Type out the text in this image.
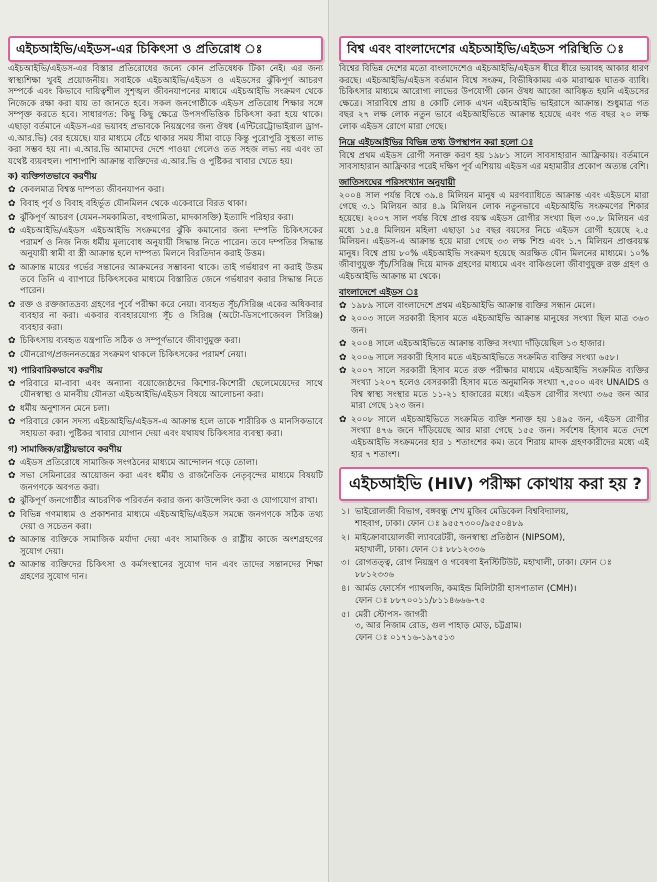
এইচআইভি/এইডস-এর চিকিৎসা ও প্রতিরোধ ঃ

এইচআইভি/এইডস-এর বিস্তার প্রতিরোধের জন্যে কোন প্রতিষেধক টিকা নেই। এর জন্য স্বাস্থ্যশিক্ষা খুবই প্রয়োজনীয়। সবাইকে এইচআইভি/এইডস ও এইডসের ঝুঁকিপূর্ণ আচরণ সম্পর্কে এবং কিভাবে দায়িত্বশীল সুশৃঙ্খল জীবনযাপনের মাধ্যমে এইচআইভি সংক্রমণ থেকে নিজেকে রক্ষা করা যায় তা জানতে হবে। সকল জনগোষ্ঠীকে এইডস প্রতিরোধ শিক্ষার সঙ্গে সম্পৃক্ত করতে হবে। সাধারণত: কিছু কিছু ক্ষেত্রে উপসর্গভিত্তিক চিকিৎসা করা হয়ে থাকে। এছাড়া বর্তমানে এইডস-এর ভয়াবহ প্রভাবকে নিয়ন্ত্রণের জন্য ঔষধ (এন্টিরেট্রোভাইরাল ড্রাগ-এ.আর.ভি) বের হয়েছে। যার মাধ্যমে বেঁচে থাকার সময় সীমা বাড়ে কিন্তু পুরোপুরি সুস্থতা লাভ করা সম্ভব হয় না। এ.আর.ভি আমাদের দেশে পাওয়া গেলেও তত সহজ লভ্য নয় এবং তা যথেষ্ট ব্যয়বহুল। পাশাপাশি আক্রান্ত ব্যক্তিদের এ.আর.ভি ও পুষ্টিকর খাবার খেতে হয়।

ক) ব্যক্তিগতভাবে করণীয়
✿ কেবলমাত্র বিশ্বস্ত দাম্পত্য জীবনযাপন করা।
✿ বিবাহ পূর্ব ও বিবাহ বহির্ভূত যৌনমিলন থেকে একেবারে বিরত থাকা।
✿ ঝুঁকিপূর্ণ আচরণ (যেমন-সমকামিতা, বহুগামিতা, মাদকাসক্তি) ইত্যাদি পরিহার করা।
✿ এইচআইভি/এইডস এইচআইভি সংক্রমণের ঝুঁকি কমানোর জন্য দম্পতি চিকিৎসকের পরামর্শ ও নিজ নিজ ধর্মীয় মূল্যবোধ অনুযায়ী সিদ্ধান্ত নিতে পারেন। তবে দম্পতির সিদ্ধান্ত অনুযায়ী স্বামী বা স্ত্রী আক্রান্ত হলে দাম্পত্য মিলনে বিরতিদান করাই উত্তম।
✿ আক্রান্ত মায়ের গর্ভের সন্তানের আক্রমনের সম্ভাবনা থাকে। তাই গর্ভধারণ না করাই উত্তম তবে তিনি এ ব্যাপারে চিকিৎসকের মাধ্যমে বিস্তারিত জেনে গর্ভধারণ করার সিদ্ধান্ত নিতে পারেন।
✿ রক্ত ও রক্তজাতদ্রব্য গ্রহণের পূর্বে পরীক্ষা করে নেয়া। ব্যবহৃত সূঁচ/সিরিঞ্জ একের অধিকবার ব্যবহার না করা। একবার ব্যবহারযোগ্য সূঁচ ও সিরিঞ্জ (অটো-ডিসপোজেবল সিরিঞ্জ) ব্যবহার করা।
✿ চিকিৎসায় ব্যবহৃত যন্ত্রপাতি সঠিক ও সম্পূর্ণভাবে জীবাণুমুক্ত করা।
✿ যৌনরোগ/প্রজননতন্ত্রের সংক্রমণ থাকলে চিকিৎসকের পরামর্শ নেয়া।
খ) পারিবারিকভাবে করণীয়
✿ পরিবারে মা-বাবা এবং অন্যান্য বয়োজ্যেষ্ঠদের কিশোর-কিশোরী ছেলেমেয়েদের সাথে যৌনস্বাস্থ্য ও মানবীয় যৌনতা এইচআইভি/এইডস বিষয়ে আলোচনা করা।
✿ ধর্মীয় অনুশাসন মেনে চলা।
✿ পরিবারে কোন সদস্য এইচআইভি/এইডস-এ আক্রান্ত হলে তাকে শারীরিক ও মানসিকভাবে সহায়তা করা। পুষ্টিকর খাবার যোগান দেয়া এবং যথাযথ চিকিৎসার ব্যবস্থা করা।
গ) সামাজিক/রাষ্ট্রীয়ভাবে করণীয়
✿ এইডস প্রতিরোধে সামাজিক সংগঠনের মাধ্যমে আন্দোলন গড়ে তোলা।
✿ সভা সেমিনারের আয়োজন করা এবং ধর্মীয় ও রাজনৈতিক নেতৃবৃন্দের মাধ্যমে বিষয়টি জনগণকে অবগত করা।
✿ ঝুঁকিপূর্ণ জনগোষ্ঠীর আচরণিক পরিবর্তন করার জন্য কাউন্সেলিং করা ও যোগাযোগ রাখা।
✿ বিভিন্ন গণমাধ্যম ও প্রকাশনার মাধ্যমে এইচআইভি/এইডস সমন্ধে জনগণকে সঠিক তথ্য দেয়া ও সচেতন করা।
✿ আক্রান্ত ব্যক্তিকে সামাজিক মর্যাদা দেয়া এবং সামাজিক ও রাষ্ট্রীয় কাজে অংশগ্রহণের সুযোগ দেয়া।
✿ আক্রান্ত ব্যক্তিদের চিকিৎসা ও কর্মসংস্থানের সুযোগ দান এবং তাদের সন্তানদের শিক্ষা গ্রহণের সুযোগ দান।
বিশ্ব এবং বাংলাদেশের এইচআইভি/এইডস পরিস্থিতি ঃ

বিশ্বের বিভিন্ন দেশের মতো বাংলাদেশেও এইচআইভি/এইডস ধীরে ধীরে ভয়াবহ আকার ধারণ করছে। এইচআইভি/এইডস বর্তমান বিশ্বে সংক্রম, বিভীষিকাময় এক মারাত্মক ঘাতক ব্যাধি। চিকিৎসার মাধ্যমে আরোগ্য লাভের উপযোগী কোন ঔষধ আজো আবিষ্কৃত হয়নি এইডসের ক্ষেত্রে। সারাবিশ্বে প্রায় ৪ কোটি লোক এখন এইচআইভি ভাইরাসে আক্রান্ত। শুধুমাত্র গত বছর ২৭ লক্ষ লোক নতুন ভাবে এইচআইভিতে আক্রান্ত হয়েছে এবং গত বছর ২০ লক্ষ লোক এইডস রোগে মারা গেছে।

নিম্নে এইচআইভির বিভিন্ন তথ্য উপস্থাপন করা হলো ঃ

বিশ্বে প্রথম এইডস রোগী সনাক্ত করণ হয় ১৯৮১ সালে সাবসাহারান আফ্রিকায়। বর্তমানে সাবসাহারান আফ্রিকার পরেই দক্ষিণ পূর্ব এশিয়ায় এইডস এর মহামারীর প্রকোপ অত্যন্ত বেশি।

জাতিসংঘের পরিসংখ্যান অনুযায়ী

২০০৪ সাল পর্যন্ত বিশ্বে ৩৯.৪ মিলিয়ন মানুষ এ মরণব্যাধিতে আক্রান্ত এবং এইডসে মারা গেছে ৩.১ মিলিয়ন আর ৪.৯ মিলিয়ন লোক নতুনভাবে এইচআইভি সংক্রমণের শিকার হয়েছে। ২০০৭ সাল পর্যন্ত বিশ্বে প্রাপ্ত বয়স্ক এইডস রোগীর সংখ্যা ছিল ৩০.৮ মিলিয়ন এর মধ্যে ১৫.৪ মিলিয়ন মহিলা এছাড়া ১৫ বছর বয়সের নিচে এইডস রোগী হয়েছে ২.৫ মিলিয়ন। এইডস-এ আক্রান্ত হয়ে মারা গেছে ৩৩ লক্ষ শিশু এবং ১.৭ মিলিয়ন প্রাপ্তবয়স্ক মানুষ। বিশ্বে প্রায় ৮০% এইচআইভি সংক্রমণ হয়েছে অরক্ষিত যৌন মিলনের মাধ্যমে। ১০% জীবাণুযুক্ত সূঁচ/সিরিঞ্জ দিয়ে মাদক গ্রহণের মাধ্যমে এবং বাকিগুলো জীবাণুযুক্ত রক্ত গ্রহণ ও এইচআইভি আক্রান্ত মা থেকে।

বাংলাদেশে এইডস ঃ
✿ ১৯৮৯ সালে বাংলাদেশে প্রথম এইচআইভি আক্রান্ত ব্যক্তির সন্ধান মেলে।
✿ ২০০৩ সালে সরকারী হিসাব মতে এইচআইভি আক্রান্ত মানুষের সংখ্যা ছিল মাত্র ৩৬৩ জন।
✿ ২০০৪ সালে এইচআইভিতে আক্রান্ত ব্যক্তির সংখ্যা দাঁড়িয়েছিল ১৩ হাজার।
✿ ২০০৬ সালে সরকারী হিসাব মতে এইচআইভিতে সংক্রমিত ব্যক্তির সংখ্যা ৬৫৮।
✿ ২০০৭ সালে সরকারী হিসাব মতে রক্ত পরীক্ষার মাধ্যমে এইচআইভি সংক্রমিত ব্যক্তির সংখ্যা ১২০৭ হলেও বেসরকারী হিসাব মতে অনুমানিক সংখ্যা ৭,৫০০ এবং UNAIDS ও বিশ্ব স্বাস্থ্য সংস্থার মতে ১১-২১ হাজারের মধ্যে। এইডস রোগীর সংখ্যা ৩৬৫ জন আর মারা গেছে ১২৩ জন।
✿ ২০০৮ সালে এইচআইভিতে সংক্রমিত ব্যক্তি শনাক্ত হয় ১৪৯৫ জন, এইডস রোগীর সংখ্যা ৪৭৬ জনে দাঁড়িয়েছে আর মারা গেছে ১৫৫ জন। সর্বশেষ হিসাব মতে দেশে এইচআইভি সংক্রমনের হার ১ শতাংশের কম। তবে শিরায় মাদক গ্রহণকারীদের মধ্যে এই হার ৭ শতাংশ।
এইচআইভি (HIV) পরীক্ষা কোথায় করা হয় ?
১। ভাইরোলজী বিভাগ, বঙ্গবন্ধু শেখ মুজিব মেডিকেল বিশ্ববিদ্যালয়,
শাহবাগ, ঢাকা। ফোন ঃ ৯৫৫৭৩০০/৯৫৫০৪৮৯
২। মাইক্রোবায়োলজী ল্যাবরেটরী, জনস্বাস্থ্য প্রতিষ্ঠান (NIPSOM),
মহাখালী, ঢাকা। ফোন ঃ ৮৮১২৩৩৬
৩। রোগতত্ত্ব, রোগ নিয়ন্ত্রণ ও গবেষণা ইনস্টিটিউট, মহাখালী, ঢাকা। ফোন ঃ ৮৮১২৩৩৬
৪। আর্মড ফোর্সেস প্যাথলজি, কমাইন্ড মিলিটারী হাসপাতাল (CMH)।
ফোন ঃ ৮৮৭০০১১/৮১১৪৬৬৬-৭৫
৫। মেরী স্টোপস- জাগরী
৩, আর নিজাম রোড, গুল পাহাড় মোড়, চট্টগ্রাম।
ফোন ঃ ০১৭১৬-১৯৭৫১৩
